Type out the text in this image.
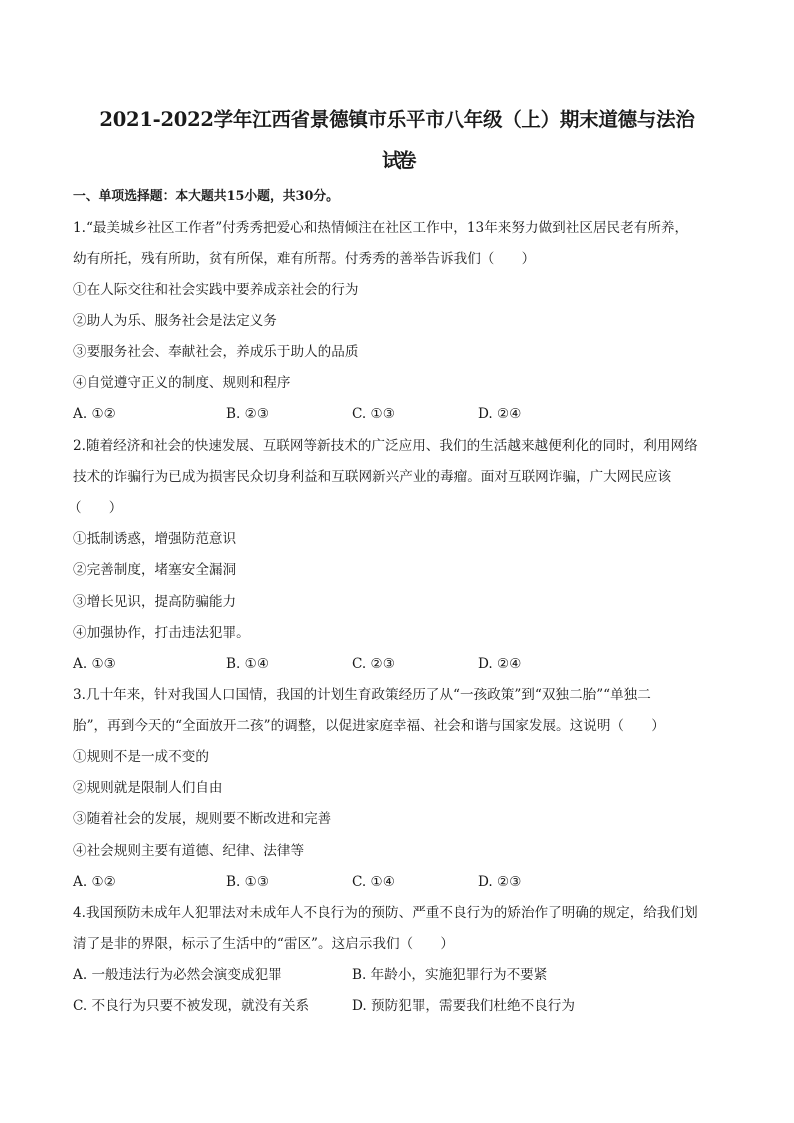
2021-2022学年江西省景德镇市乐平市八年级（上）期末道德与法治
试卷
一、单项选择题：本大题共15小题，共30分。
1.“最美城乡社区工作者”付秀秀把爱心和热情倾注在社区工作中，13年来努力做到社区居民老有所养，
幼有所托，残有所助，贫有所保，难有所帮。付秀秀的善举告诉我们（　　）
①在人际交往和社会实践中要养成亲社会的行为
②助人为乐、服务社会是法定义务
③要服务社会、奉献社会，养成乐于助人的品质
④自觉遵守正义的制度、规则和程序
A. ①②	B. ②③	C. ①③	D. ②④
2.随着经济和社会的快速发展、互联网等新技术的广泛应用、我们的生活越来越便利化的同时，利用网络
技术的诈骗行为已成为损害民众切身利益和互联网新兴产业的毒瘤。面对互联网诈骗，广大网民应该
（　　）
①抵制诱惑，增强防范意识
②完善制度，堵塞安全漏洞
③增长见识，提高防骗能力
④加强协作，打击违法犯罪。
A. ①③	B. ①④	C. ②③	D. ②④
3.几十年来，针对我国人口国情，我国的计划生育政策经历了从“一孩政策”到“双独二胎”“单独二
胎”，再到今天的“全面放开二孩”的调整，以促进家庭幸福、社会和谐与国家发展。这说明（　　）
①规则不是一成不变的
②规则就是限制人们自由
③随着社会的发展，规则要不断改进和完善
④社会规则主要有道德、纪律、法律等
A. ①②	B. ①③	C. ①④	D. ②③
4.我国预防未成年人犯罪法对未成年人不良行为的预防、严重不良行为的矫治作了明确的规定，给我们划
清了是非的界限，标示了生活中的“雷区”。这启示我们（　　）
A. 一般违法行为必然会演变成犯罪	B. 年龄小，实施犯罪行为不要紧
C. 不良行为只要不被发现，就没有关系	D. 预防犯罪，需要我们杜绝不良行为
